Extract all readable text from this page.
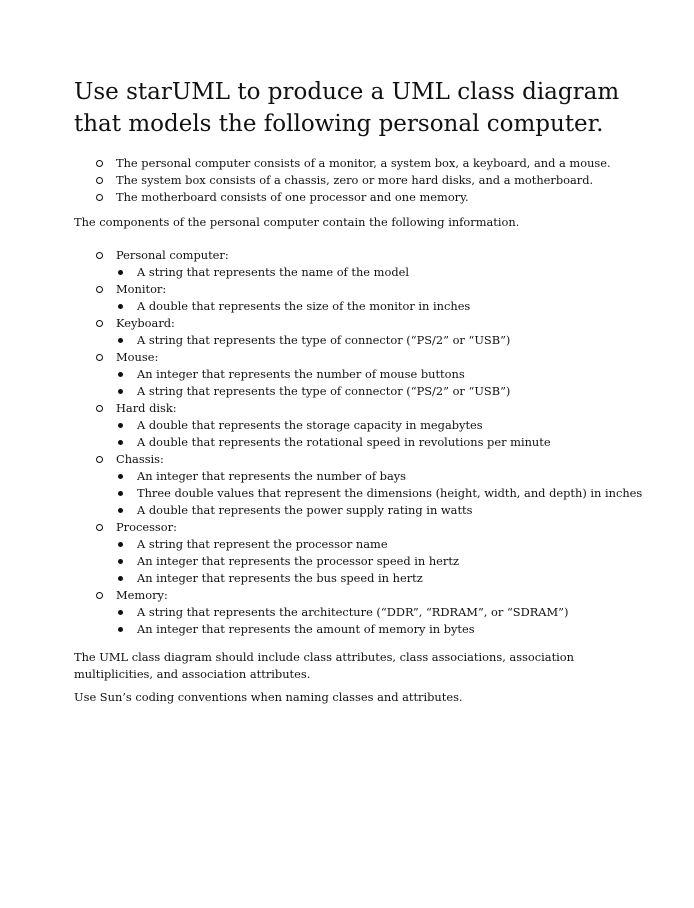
Use starUML to produce a UML class diagram that models the following personal computer.
The personal computer consists of a monitor, a system box, a keyboard, and a mouse.
The system box consists of a chassis, zero or more hard disks, and a motherboard.
The motherboard consists of one processor and one memory.

The components of the personal computer contain the following information.

Personal computer:
A string that represents the name of the model
Monitor:
A double that represents the size of the monitor in inches
Keyboard:
A string that represents the type of connector (“PS/2” or “USB”)
Mouse:
An integer that represents the number of mouse buttons
A string that represents the type of connector (“PS/2” or “USB”)
Hard disk:
A double that represents the storage capacity in megabytes
A double that represents the rotational speed in revolutions per minute
Chassis:
An integer that represents the number of bays
Three double values that represent the dimensions (height, width, and depth) in inches
A double that represents the power supply rating in watts
Processor:
A string that represent the processor name
An integer that represents the processor speed in hertz
An integer that represents the bus speed in hertz
Memory:
A string that represents the architecture (“DDR”, “RDRAM”, or “SDRAM”)
An integer that represents the amount of memory in bytes

The UML class diagram should include class attributes, class associations, association multiplicities, and association attributes.

Use Sun’s coding conventions when naming classes and attributes.
